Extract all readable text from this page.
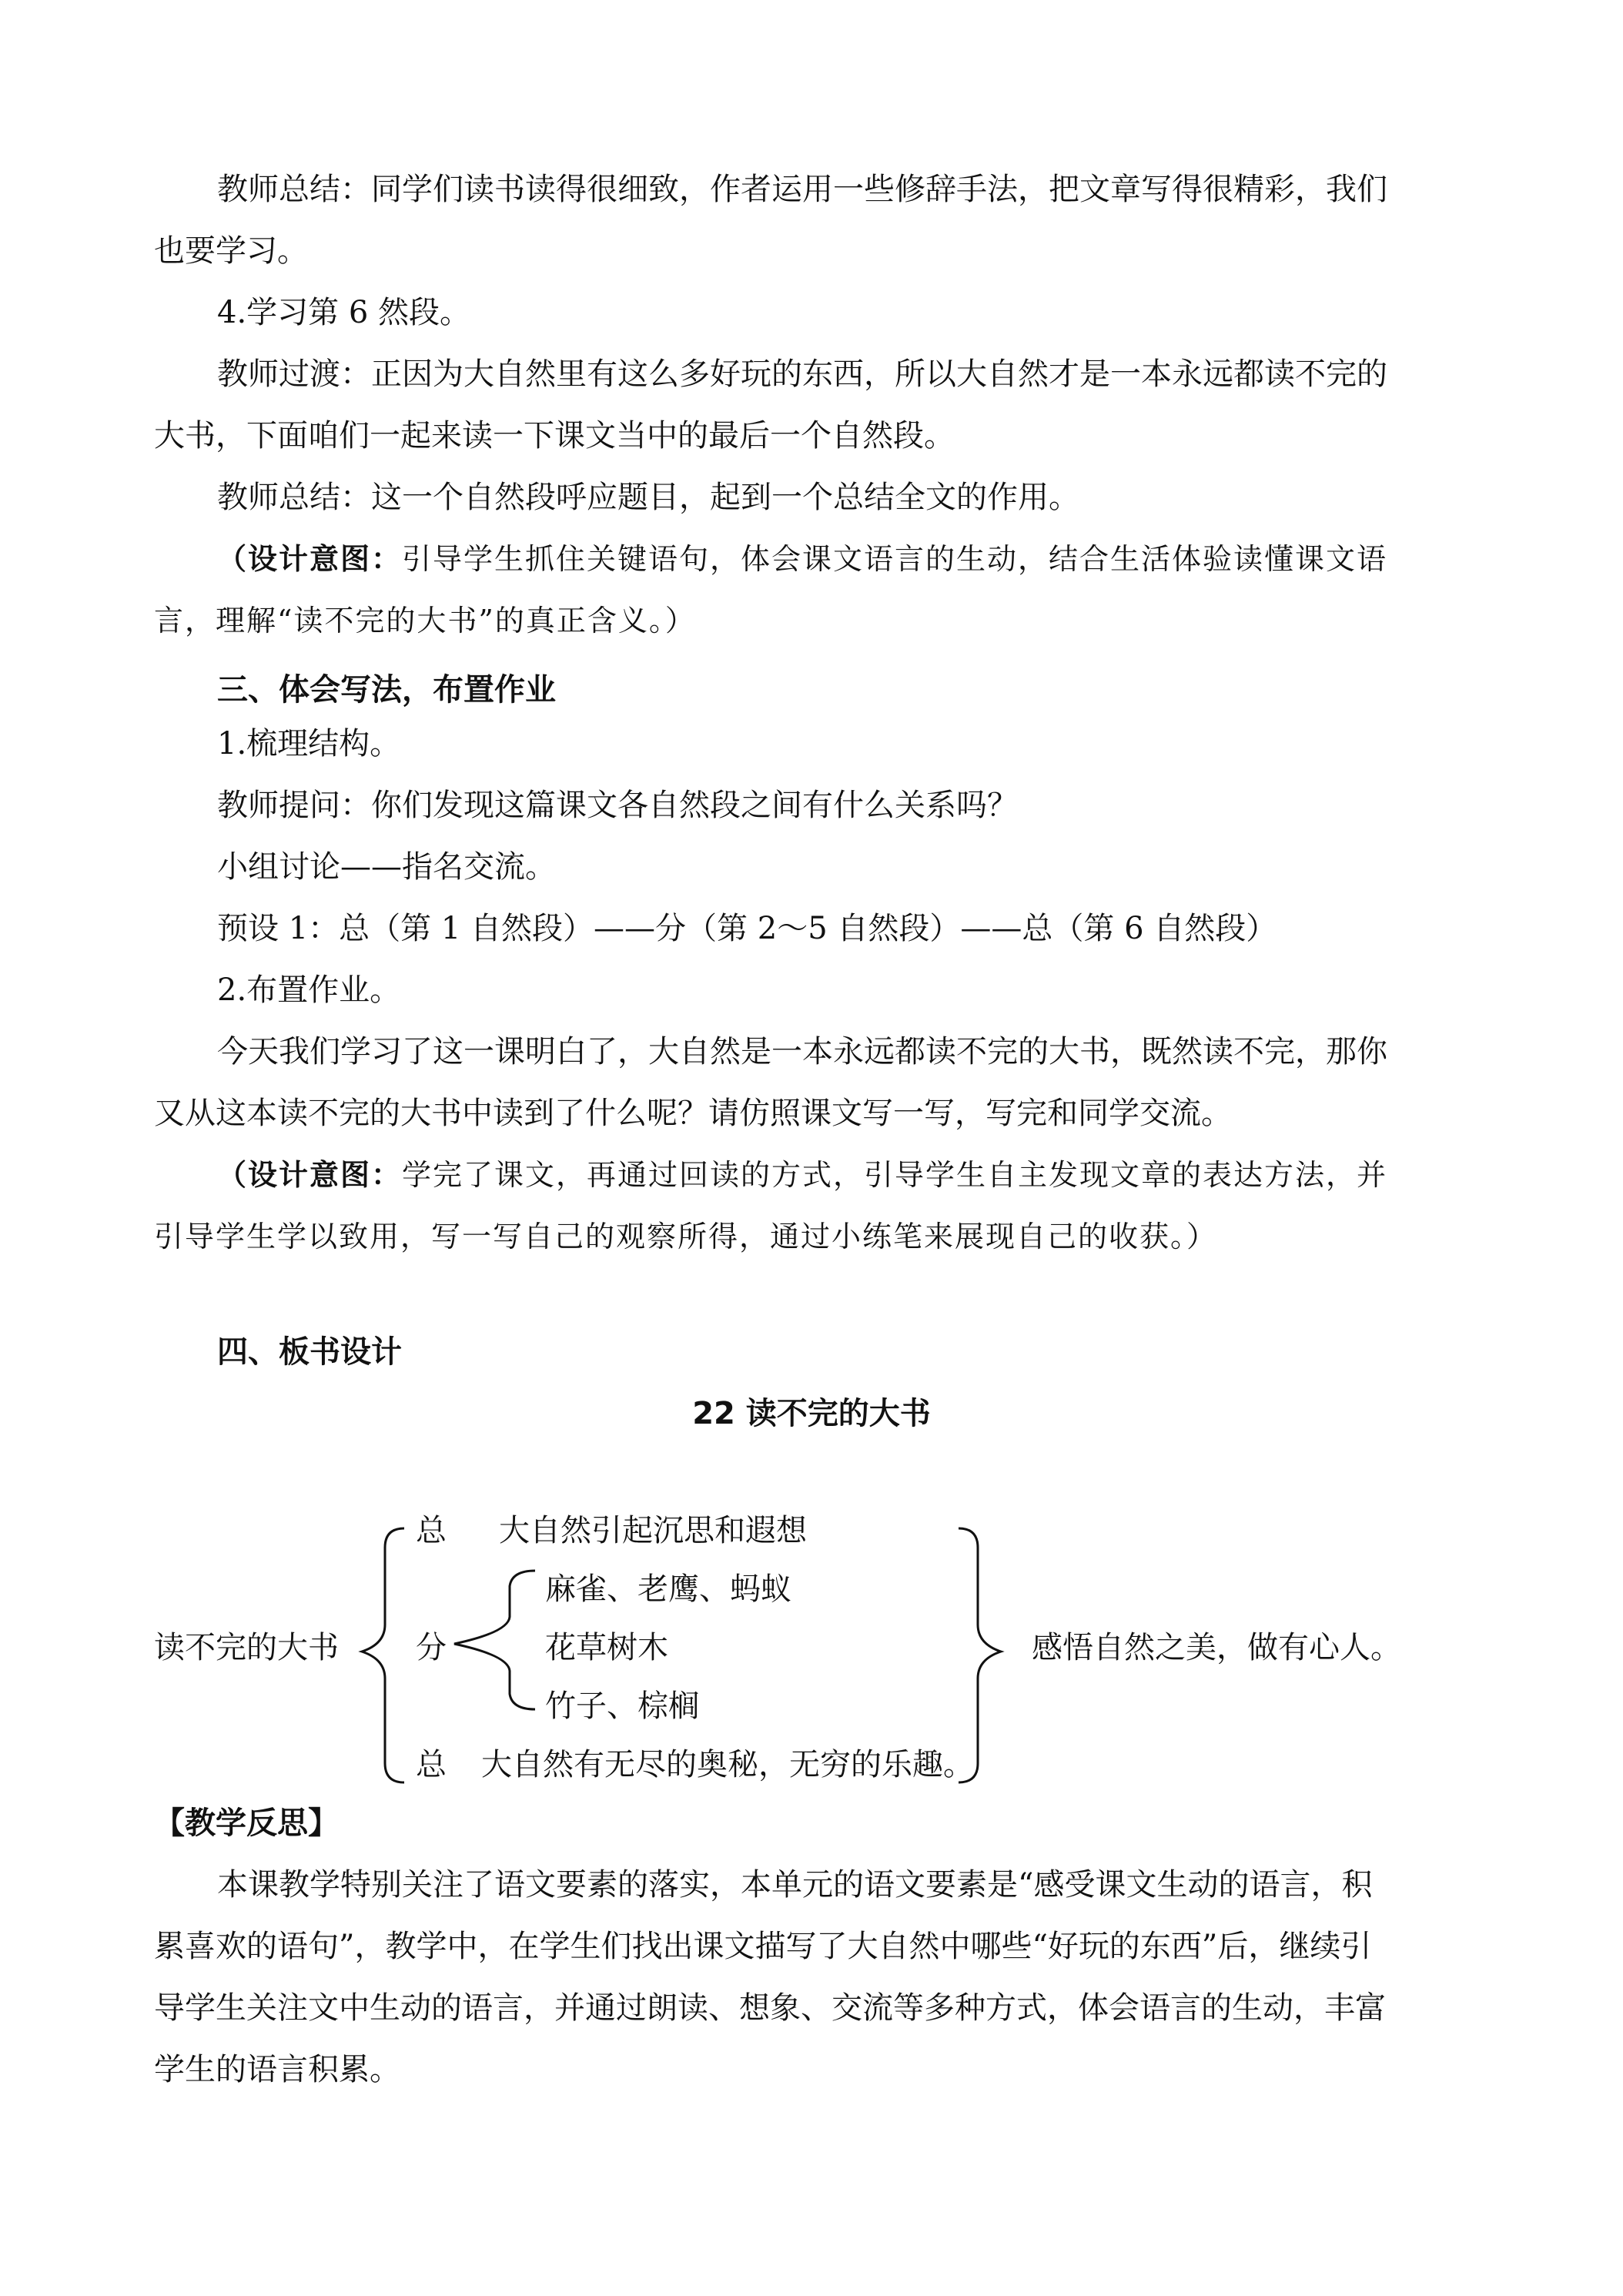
教师总结：同学们读书读得很细致，作者运用一些修辞手法，把文章写得很精彩，我们
也要学习。
4.学习第 6 然段。
教师过渡：正因为大自然里有这么多好玩的东西，所以大自然才是一本永远都读不完的
大书，下面咱们一起来读一下课文当中的最后一个自然段。
教师总结：这一个自然段呼应题目，起到一个总结全文的作用。
（设计意图：引导学生抓住关键语句，体会课文语言的生动，结合生活体验读懂课文语
言，理解“读不完的大书”的真正含义。）
三、体会写法，布置作业
1.梳理结构。
教师提问：你们发现这篇课文各自然段之间有什么关系吗？
小组讨论——指名交流。
预设 1：总（第 1 自然段）——分（第 2～5 自然段）——总（第 6 自然段）
2.布置作业。
今天我们学习了这一课明白了，大自然是一本永远都读不完的大书，既然读不完，那你
又从这本读不完的大书中读到了什么呢？请仿照课文写一写，写完和同学交流。
（设计意图：学完了课文，再通过回读的方式，引导学生自主发现文章的表达方法，并
引导学生学以致用，写一写自己的观察所得，通过小练笔来展现自己的收获。）
四、板书设计
22 读不完的大书
读不完的大书
总 大自然引起沉思和遐想
分
麻雀、老鹰、蚂蚁
花草树木
竹子、棕榈
总 大自然有无尽的奥秘，无穷的乐趣。
感悟自然之美，做有心人。
【教学反思】
本课教学特别关注了语文要素的落实，本单元的语文要素是“感受课文生动的语言，积
累喜欢的语句”，教学中，在学生们找出课文描写了大自然中哪些“好玩的东西”后，继续引
导学生关注文中生动的语言，并通过朗读、想象、交流等多种方式，体会语言的生动，丰富
学生的语言积累。
